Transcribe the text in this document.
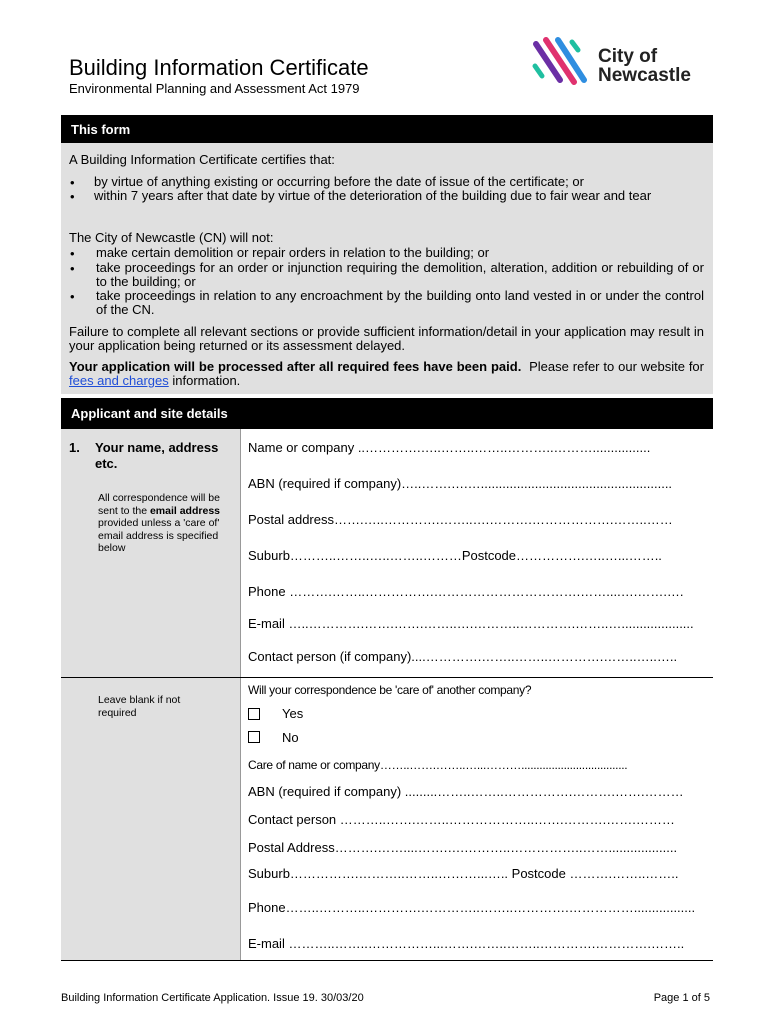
Building Information Certificate
Environmental Planning and Assessment Act 1979
City of
Newcastle
This form
A Building Information Certificate certifies that:
• by virtue of anything existing or occurring before the date of issue of the certificate; or
• within 7 years after that date by virtue of the deterioration of the building due to fair wear and tear
The City of Newcastle (CN) will not:
• make certain demolition or repair orders in relation to the building; or
• take proceedings for an order or injunction requiring the demolition, alteration, addition or rebuilding of or to the building; or
• take proceedings in relation to any encroachment by the building onto land vested in or under the control of the CN.
Failure to complete all relevant sections or provide sufficient information/detail in your application may result in your application being returned or its assessment delayed.
Your application will be processed after all required fees have been paid. Please refer to our website for fees and charges information.
Applicant and site details
1. Your name, address
etc.
All correspondence will be sent to the email address provided unless a 'care of' email address is specified below
Name or company ..………….…..……..……..………..………................
ABN (required if company)…..…….….….....................................................
Postal address…….…..………….……..….……….……………….……..……
Suburb………..……..…..……..………Postcode…………….…..…...……..
Phone ……….……..…………….…………………………….……....….…….….
E-mail …..………….…….…….……..….………..………….……..…....................
Contact person (if company)....………….……..……..………….……..…..…..
Leave blank if not required
Will your correspondence be 'care of' another company?
Yes
No
Care of name or company……..…….……..…...………...................................
ABN (required if company) .........……..……..…………….……….…….………
Contact person ………..…….……..………………..…….……….…….………
Postal Address……….……....…….….………..……………..……...................
Suburb…………….………..……..………...….. Postcode ……….……..……..
Phone……..………..………….…………..……..………….…………….................
E-mail ………..……..……………...…….……..……..………….………….……..
Building Information Certificate Application. Issue 19. 30/03/20	Page 1 of 5
